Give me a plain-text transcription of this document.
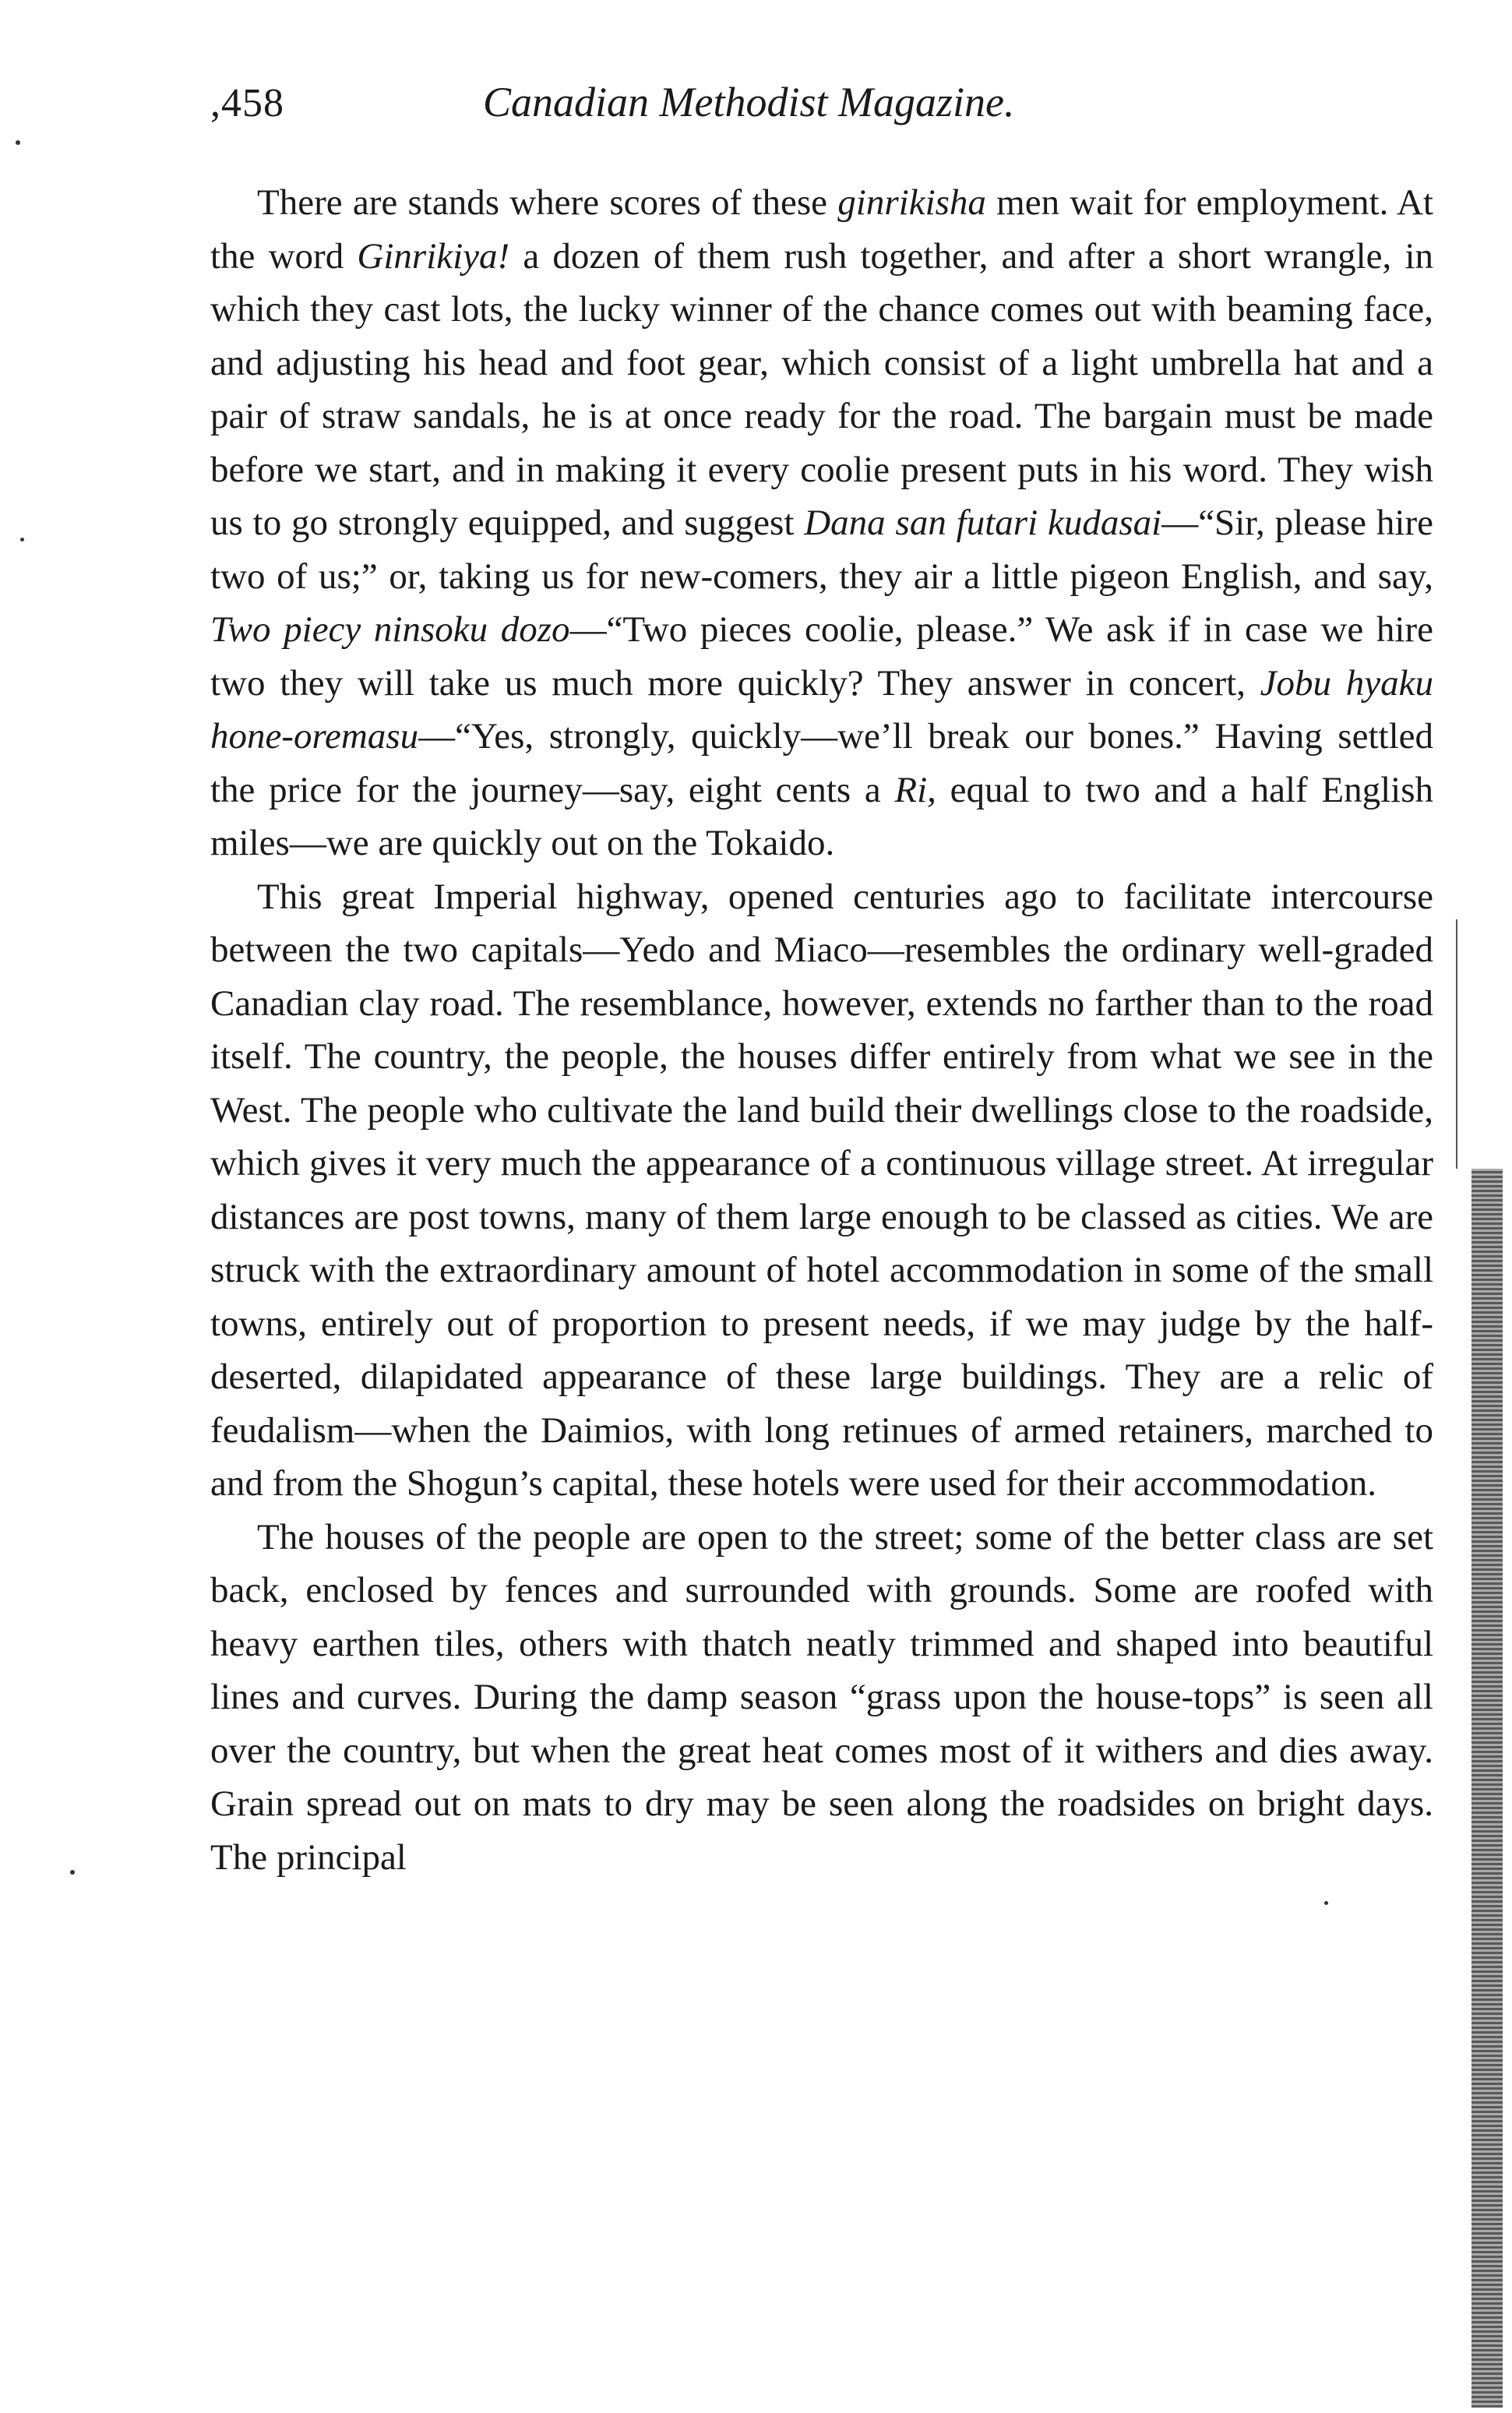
,458	Canadian Methodist Magazine.

There are stands where scores of these ginrikisha men wait for employment. At the word Ginrikiya! a dozen of them rush together, and after a short wrangle, in which they cast lots, the lucky winner of the chance comes out with beaming face, and adjusting his head and foot gear, which consist of a light umbrella hat and a pair of straw sandals, he is at once ready for the road. The bargain must be made before we start, and in making it every coolie present puts in his word. They wish us to go strongly equipped, and suggest Dana san futari kudasai—“Sir, please hire two of us;” or, taking us for new-comers, they air a little pigeon English, and say, Two piecy ninsoku dozo—“Two pieces coolie, please.” We ask if in case we hire two they will take us much more quickly? They answer in concert, Jobu hyaku hone-oremasu—“Yes, strongly, quickly—we’ll break our bones.” Having settled the price for the journey—say, eight cents a Ri, equal to two and a half English miles—we are quickly out on the Tokaido.

This great Imperial highway, opened centuries ago to facilitate intercourse between the two capitals—Yedo and Miaco—resembles the ordinary well-graded Canadian clay road. The resemblance, however, extends no farther than to the road itself. The country, the people, the houses differ entirely from what we see in the West. The people who cultivate the land build their dwellings close to the roadside, which gives it very much the appearance of a continuous village street. At irregular distances are post towns, many of them large enough to be classed as cities. We are struck with the extraordinary amount of hotel accommodation in some of the small towns, entirely out of proportion to present needs, if we may judge by the half-deserted, dilapidated appearance of these large buildings. They are a relic of feudalism—when the Daimios, with long retinues of armed retainers, marched to and from the Shogun’s capital, these hotels were used for their accommodation.

The houses of the people are open to the street; some of the better class are set back, enclosed by fences and surrounded with grounds. Some are roofed with heavy earthen tiles, others with thatch neatly trimmed and shaped into beautiful lines and curves. During the damp season “grass upon the house-tops” is seen all over the country, but when the great heat comes most of it withers and dies away. Grain spread out on mats to dry may be seen along the roadsides on bright days. The principal
